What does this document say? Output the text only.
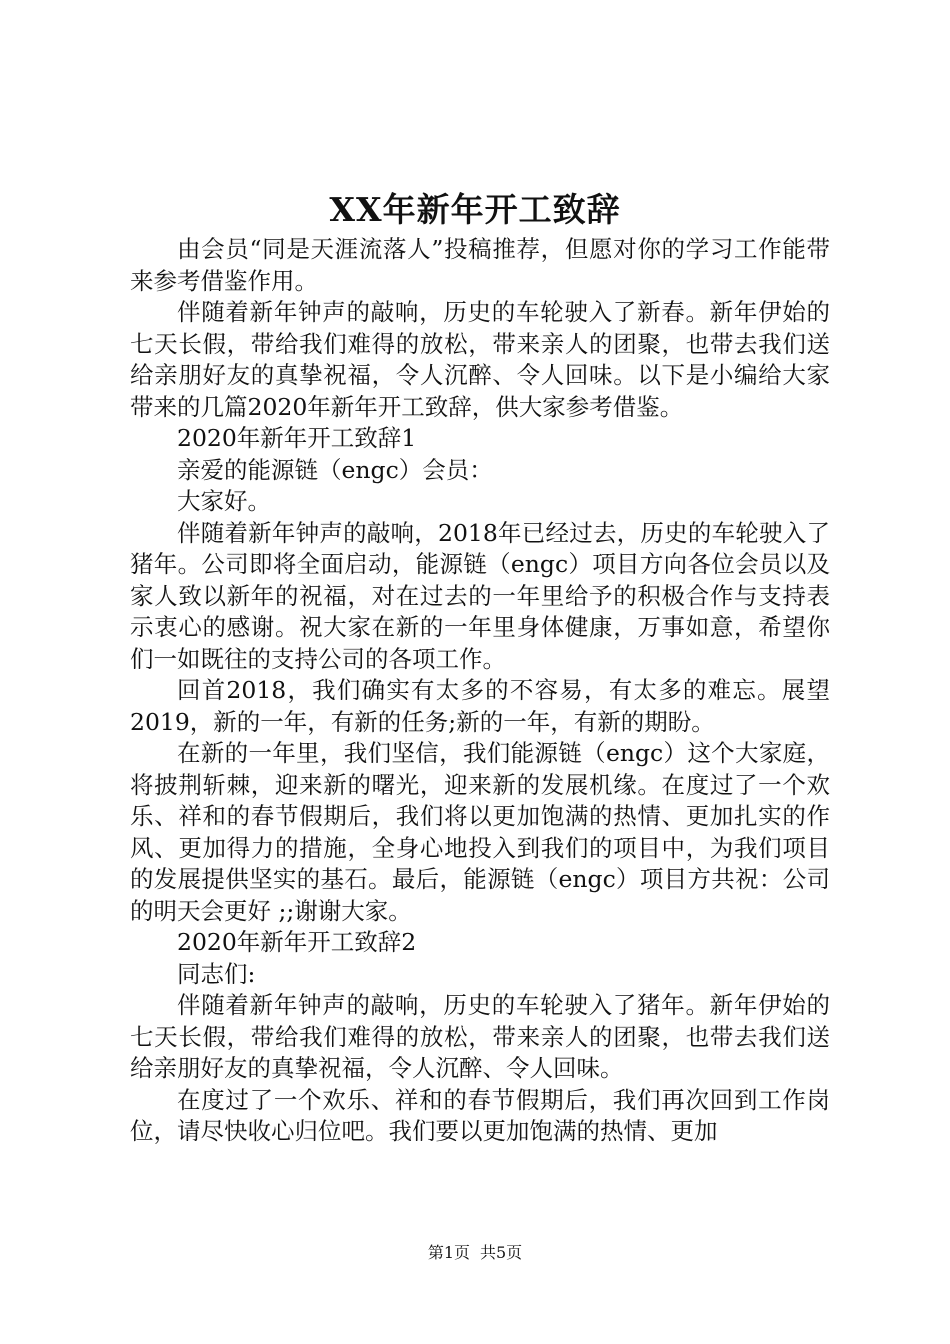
XX年新年开工致辞

由会员“同是天涯流落人”投稿推荐，但愿对你的学习工作能带来参考借鉴作用。

伴随着新年钟声的敲响，历史的车轮驶入了新春。新年伊始的七天长假，带给我们难得的放松，带来亲人的团聚，也带去我们送给亲朋好友的真挚祝福，令人沉醉、令人回味。以下是小编给大家带来的几篇2020年新年开工致辞，供大家参考借鉴。

2020年新年开工致辞1

亲爱的能源链（engc）会员：

大家好。

伴随着新年钟声的敲响，2018年已经过去，历史的车轮驶入了猪年。公司即将全面启动，能源链（engc）项目方向各位会员以及家人致以新年的祝福，对在过去的一年里给予的积极合作与支持表示衷心的感谢。祝大家在新的一年里身体健康，万事如意，希望你们一如既往的支持公司的各项工作。

回首2018，我们确实有太多的不容易，有太多的难忘。展望2019，新的一年，有新的任务;新的一年，有新的期盼。

在新的一年里，我们坚信，我们能源链（engc）这个大家庭，将披荆斩棘，迎来新的曙光，迎来新的发展机缘。在度过了一个欢乐、祥和的春节假期后，我们将以更加饱满的热情、更加扎实的作风、更加得力的措施，全身心地投入到我们的项目中，为我们项目的发展提供坚实的基石。最后，能源链（engc）项目方共祝：公司的明天会更好 ;;谢谢大家。

2020年新年开工致辞2

同志们:

伴随着新年钟声的敲响，历史的车轮驶入了猪年。新年伊始的七天长假，带给我们难得的放松，带来亲人的团聚，也带去我们送给亲朋好友的真挚祝福，令人沉醉、令人回味。

在度过了一个欢乐、祥和的春节假期后，我们再次回到工作岗位，请尽快收心归位吧。我们要以更加饱满的热情、更加

第1页 共5页
